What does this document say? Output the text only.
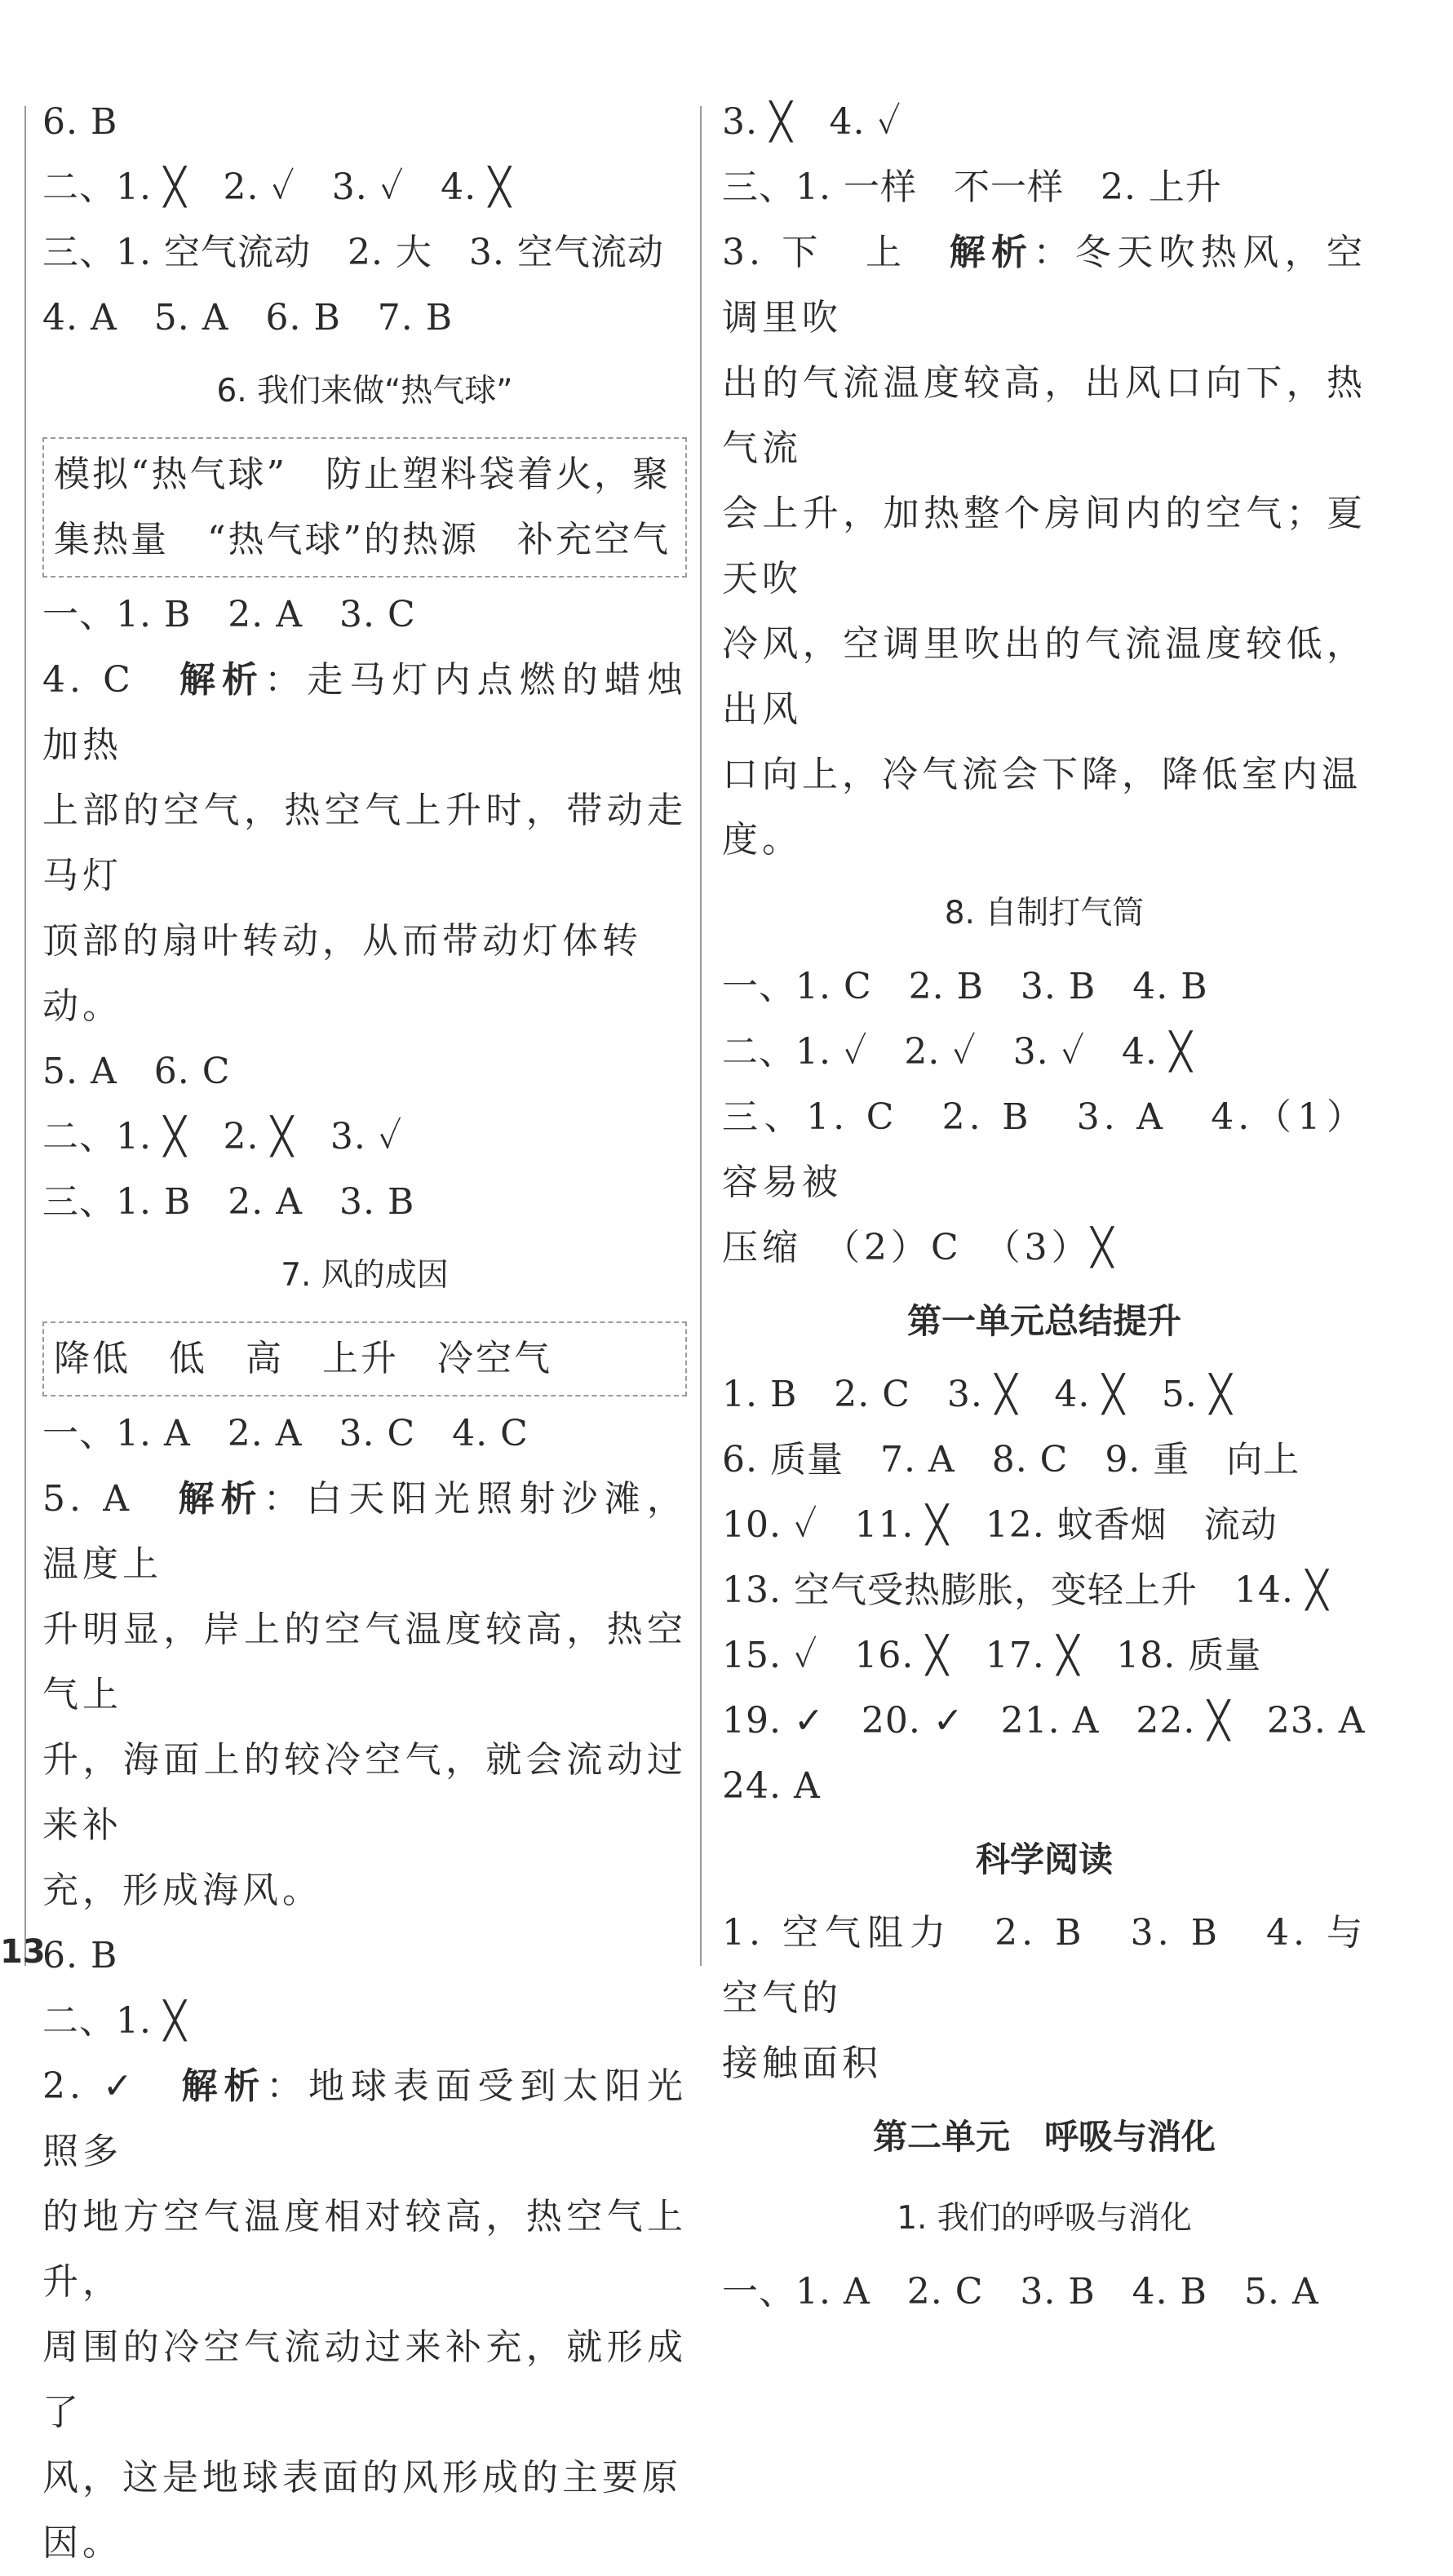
6. B
二、1. ╳　2. ✓　3. ✓　4. ╳
三、1. 空气流动　2. 大　3. 空气流动
4. A　5. A　6. B　7. B
6. 我们来做“热气球”
模拟“热气球”　防止塑料袋着火，聚
集热量　“热气球”的热源　补充空气
一、1. B　2. A　3. C
4. C　解析：走马灯内点燃的蜡烛加热
上部的空气，热空气上升时，带动走马灯
顶部的扇叶转动，从而带动灯体转动。
5. A　6. C
二、1. ╳　2. ╳　3. ✓
三、1. B　2. A　3. B
7. 风的成因
降低　低　高　上升　冷空气
一、1. A　2. A　3. C　4. C
5. A　解析：白天阳光照射沙滩，温度上
升明显，岸上的空气温度较高，热空气上
升，海面上的较冷空气，就会流动过来补
充，形成海风。
6. B
二、1. ╳
2. ✓　解析：地球表面受到太阳光照多
的地方空气温度相对较高，热空气上升，
周围的冷空气流动过来补充，就形成了
风，这是地球表面的风形成的主要原因。
3. ╳　4. ✓
三、1. 一样　不一样　2. 上升
3. 下　上　解析：冬天吹热风，空调里吹
出的气流温度较高，出风口向下，热气流
会上升，加热整个房间内的空气；夏天吹
冷风，空调里吹出的气流温度较低，出风
口向上，冷气流会下降，降低室内温度。
8. 自制打气筒
一、1. C　2. B　3. B　4. B
二、1. ✓　2. ✓　3. ✓　4. ╳
三、1. C　2. B　3. A　4.（1）容易被
压缩　（2）C　（3）╳
第一单元总结提升
1. B　2. C　3. ╳　4. ╳　5. ╳
6. 质量　7. A　8. C　9. 重　向上
10. ✓　11. ╳　12. 蚊香烟　流动
13. 空气受热膨胀，变轻上升　14. ╳
15. ✓　16. ╳　17. ╳　18. 质量
19. ✓　20. ✓　21. A　22. ╳　23. A
24. A
科学阅读
1. 空气阻力　2. B　3. B　4. 与空气的
接触面积
第二单元　呼吸与消化
1. 我们的呼吸与消化
一、1. A　2. C　3. B　4. B　5. A
13
